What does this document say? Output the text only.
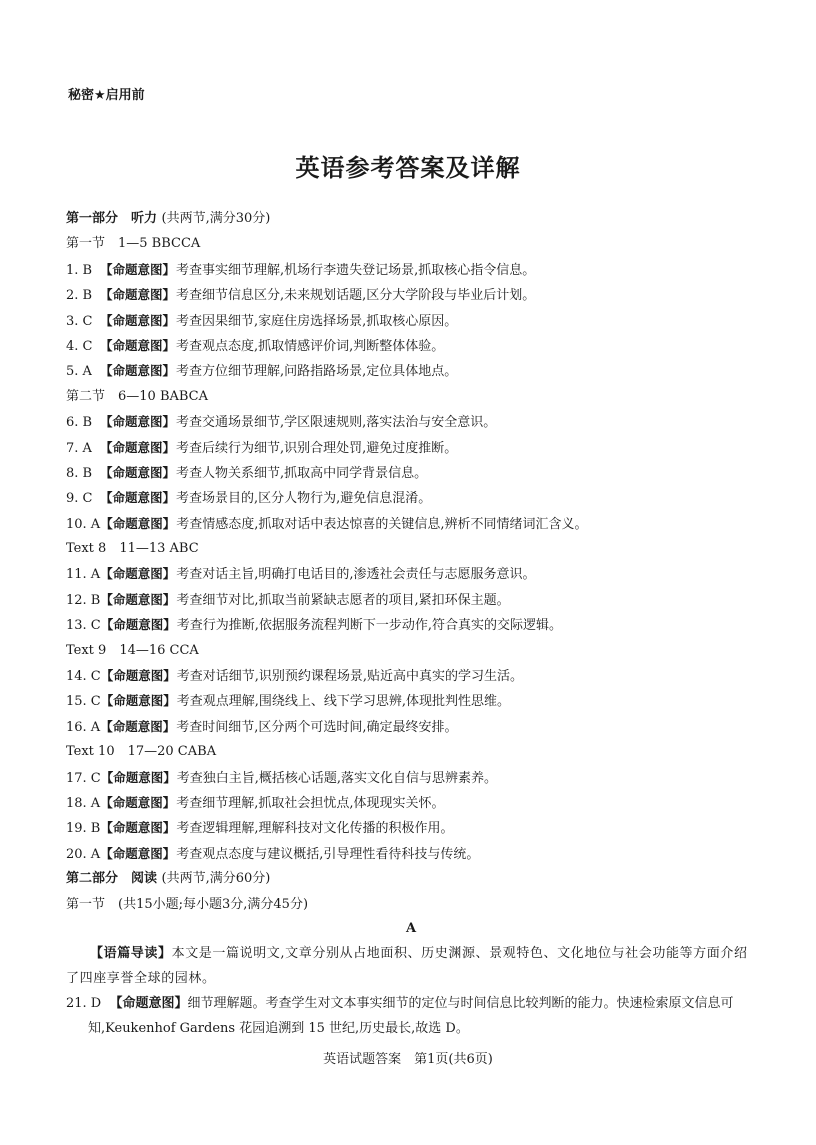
秘密★启用前
英语参考答案及详解
第一部分　听力 (共两节,满分30分)
第一节　1—5 BBCCA
1. B 【命题意图】考查事实细节理解,机场行李遗失登记场景,抓取核心指令信息。
2. B 【命题意图】考查细节信息区分,未来规划话题,区分大学阶段与毕业后计划。
3. C 【命题意图】考查因果细节,家庭住房选择场景,抓取核心原因。
4. C 【命题意图】考查观点态度,抓取情感评价词,判断整体体验。
5. A 【命题意图】考查方位细节理解,问路指路场景,定位具体地点。
第二节　6—10 BABCA
6. B 【命题意图】考查交通场景细节,学区限速规则,落实法治与安全意识。
7. A 【命题意图】考查后续行为细节,识别合理处罚,避免过度推断。
8. B 【命题意图】考查人物关系细节,抓取高中同学背景信息。
9. C 【命题意图】考查场景目的,区分人物行为,避免信息混淆。
10. A【命题意图】考查情感态度,抓取对话中表达惊喜的关键信息,辨析不同情绪词汇含义。
Text 8　11—13 ABC
11. A【命题意图】考查对话主旨,明确打电话目的,渗透社会责任与志愿服务意识。
12. B【命题意图】考查细节对比,抓取当前紧缺志愿者的项目,紧扣环保主题。
13. C【命题意图】考查行为推断,依据服务流程判断下一步动作,符合真实的交际逻辑。
Text 9　14—16 CCA
14. C【命题意图】考查对话细节,识别预约课程场景,贴近高中真实的学习生活。
15. C【命题意图】考查观点理解,围绕线上、线下学习思辨,体现批判性思维。
16. A【命题意图】考查时间细节,区分两个可选时间,确定最终安排。
Text 10　17—20 CABA
17. C【命题意图】考查独白主旨,概括核心话题,落实文化自信与思辨素养。
18. A【命题意图】考查细节理解,抓取社会担忧点,体现现实关怀。
19. B【命题意图】考查逻辑理解,理解科技对文化传播的积极作用。
20. A【命题意图】考查观点态度与建议概括,引导理性看待科技与传统。
第二部分　阅读 (共两节,满分60分)
第一节　(共15小题;每小题3分,满分45分)
A
【语篇导读】本文是一篇说明文,文章分别从占地面积、历史渊源、景观特色、文化地位与社会功能等方面介绍了四座享誉全球的园林。
21. D 【命题意图】细节理解题。考查学生对文本事实细节的定位与时间信息比较判断的能力。快速检索原文信息可知,Keukenhof Gardens 花园追溯到 15 世纪,历史最长,故选 D。
英语试题答案　第1页(共6页)
